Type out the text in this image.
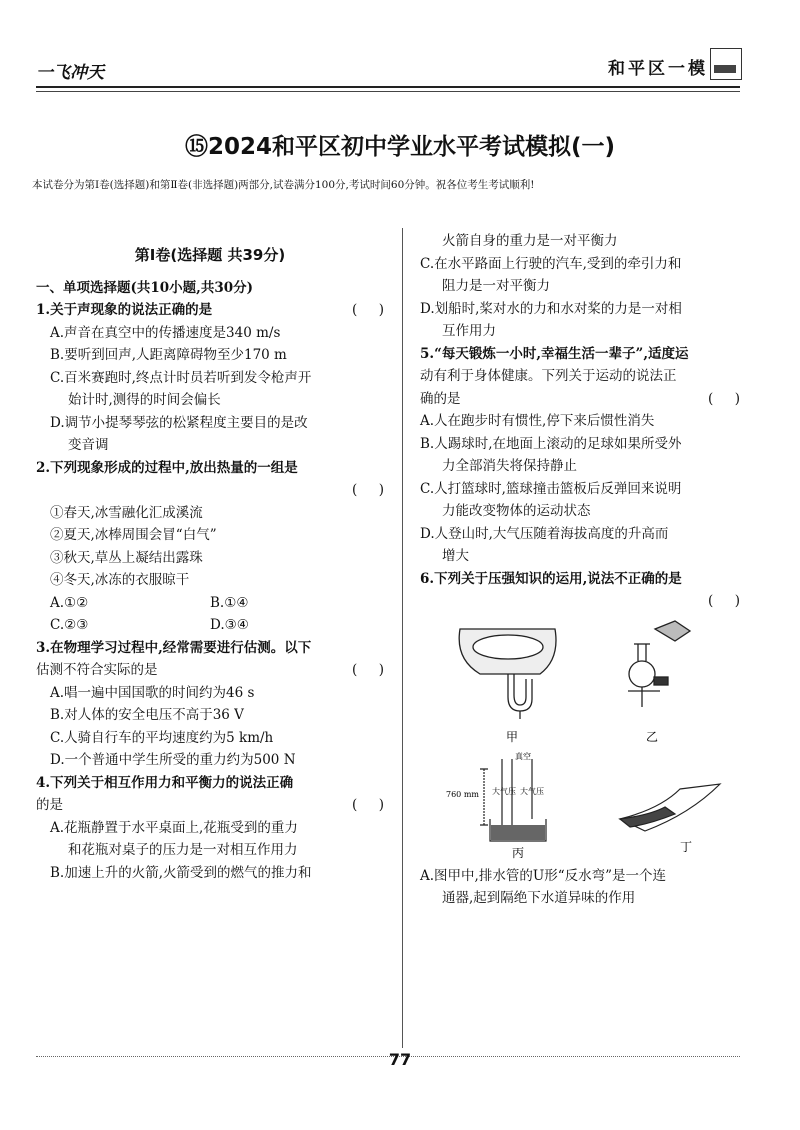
一飞冲天	和平区一模
⑮2024和平区初中学业水平考试模拟(一)
本试卷分为第Ⅰ卷(选择题)和第Ⅱ卷(非选择题)两部分,试卷满分100分,考试时间60分钟。祝各位考生考试顺利!
第Ⅰ卷(选择题 共39分)
一、单项选择题(共10小题,共30分)
1.关于声现象的说法正确的是	(     )
A.声音在真空中的传播速度是340 m/s
B.要听到回声,人距离障碍物至少170 m
C.百米赛跑时,终点计时员若听到发令枪声开
始计时,测得的时间会偏长
D.调节小提琴琴弦的松紧程度主要目的是改
变音调
2.下列现象形成的过程中,放出热量的一组是
(     )
①春天,冰雪融化汇成溪流
②夏天,冰棒周围会冒“白气”
③秋天,草丛上凝结出露珠
④冬天,冰冻的衣服晾干
A.①②	B.①④
C.②③	D.③④
3.在物理学习过程中,经常需要进行估测。以下
估测不符合实际的是	(     )
A.唱一遍中国国歌的时间约为46 s
B.对人体的安全电压不高于36 V
C.人骑自行车的平均速度约为5 km/h
D.一个普通中学生所受的重力约为500 N
4.下列关于相互作用力和平衡力的说法正确
的是	(     )
A.花瓶静置于水平桌面上,花瓶受到的重力
和花瓶对桌子的压力是一对相互作用力
B.加速上升的火箭,火箭受到的燃气的推力和
火箭自身的重力是一对平衡力
C.在水平路面上行驶的汽车,受到的牵引力和
阻力是一对平衡力
D.划船时,桨对水的力和水对桨的力是一对相
互作用力
5.“每天锻炼一小时,幸福生活一辈子”,适度运
动有利于身体健康。下列关于运动的说法正
确的是	(     )
A.人在跑步时有惯性,停下来后惯性消失
B.人踢球时,在地面上滚动的足球如果所受外
力全部消失将保持静止
C.人打篮球时,篮球撞击篮板后反弹回来说明
力能改变物体的运动状态
D.人登山时,大气压随着海拔高度的升高而
增大
6.下列关于压强知识的运用,说法不正确的是
(     )
甲	乙
丙	丁
760 mm
真空
大气压 大气压
A.图甲中,排水管的U形“反水弯”是一个连
通器,起到隔绝下水道异味的作用
77
